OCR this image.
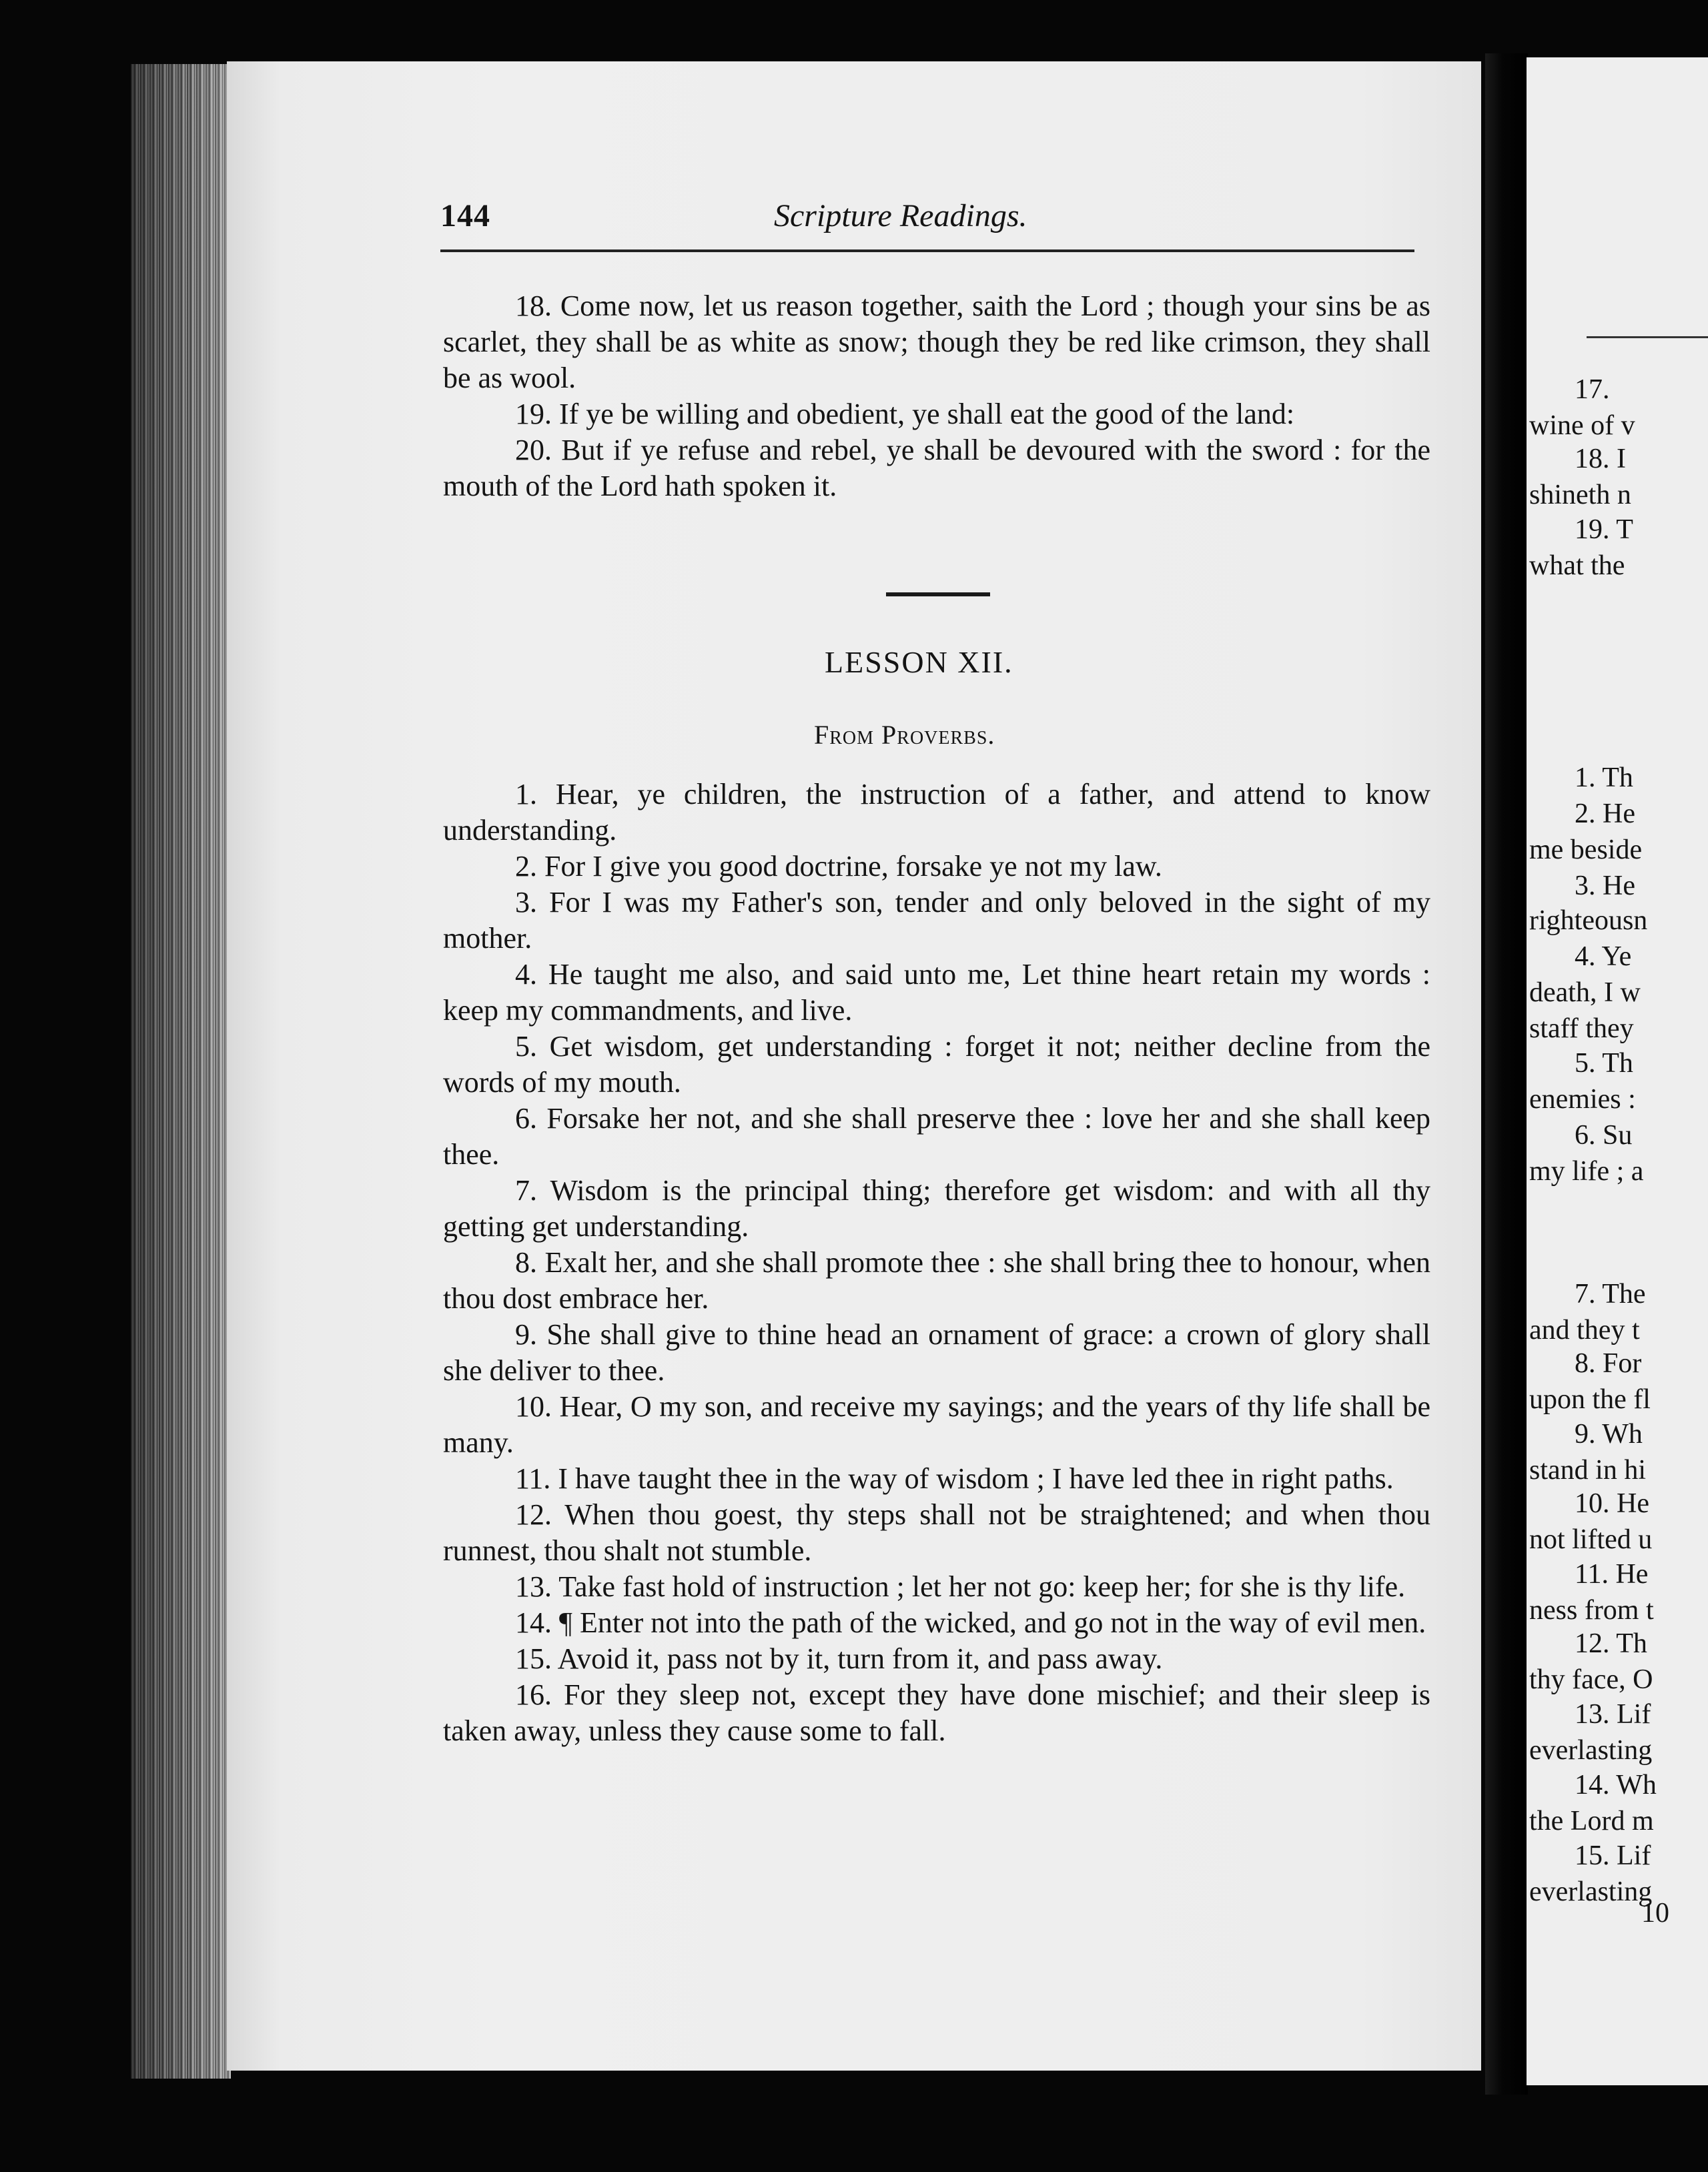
144	Scripture Readings.

18. Come now, let us reason together, saith the Lord ; though your sins be as scarlet, they shall be as white as snow; though they be red like crimson, they shall be as wool.

19. If ye be willing and obedient, ye shall eat the good of the land:

20. But if ye refuse and rebel, ye shall be devoured with the sword : for the mouth of the Lord hath spoken it.

LESSON XII.
From Proverbs.

1. Hear, ye children, the instruction of a father, and attend to know understanding.

2. For I give you good doctrine, forsake ye not my law.

3. For I was my Father's son, tender and only beloved in the sight of my mother.

4. He taught me also, and said unto me, Let thine heart retain my words : keep my commandments, and live.

5. Get wisdom, get understanding : forget it not; neither decline from the words of my mouth.

6. Forsake her not, and she shall preserve thee : love her and she shall keep thee.

7. Wisdom is the principal thing; therefore get wisdom: and with all thy getting get understanding.

8. Exalt her, and she shall promote thee : she shall bring thee to honour, when thou dost embrace her.

9. She shall give to thine head an ornament of grace: a crown of glory shall she deliver to thee.

10. Hear, O my son, and receive my sayings; and the years of thy life shall be many.

11. I have taught thee in the way of wisdom ; I have led thee in right paths.

12. When thou goest, thy steps shall not be straightened; and when thou runnest, thou shalt not stumble.

13. Take fast hold of instruction ; let her not go: keep her; for she is thy life.

14. ¶ Enter not into the path of the wicked, and go not in the way of evil men.

15. Avoid it, pass not by it, turn from it, and pass away.

16. For they sleep not, except they have done mischief; and their sleep is taken away, unless they cause some to fall.

17.
wine of v
18. I
shineth n
19. T
what the
1. Th
2. He
me beside
3. He
righteousn
4. Ye
death, I w
staff they
5. Th
enemies :
6. Su
my life ; a
7. The
and they t
8. For
upon the fl
9. Wh
stand in hi
10. He
not lifted u
11. He
ness from t
12. Th
thy face, O
13. Lif
everlasting
14. Wh
the Lord m
15. Lif
everlasting
10
